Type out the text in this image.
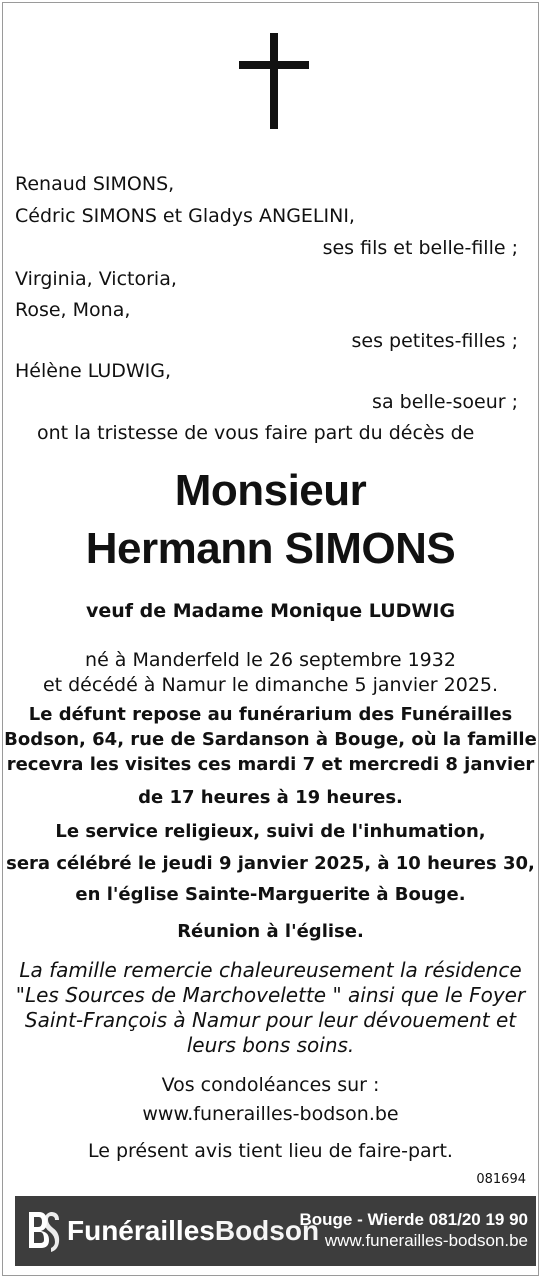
Renaud SIMONS,
Cédric SIMONS et Gladys ANGELINI,
ses fils et belle-fille ;
Virginia, Victoria,
Rose, Mona,
ses petites-filles ;
Hélène LUDWIG,
sa belle-soeur ;
ont la tristesse de vous faire part du décès de
Monsieur
Hermann SIMONS
veuf de Madame Monique LUDWIG
né à Manderfeld le 26 septembre 1932
et décédé à Namur le dimanche 5 janvier 2025.
Le défunt repose au funérarium des Funérailles
Bodson, 64, rue de Sardanson à Bouge, où la famille
recevra les visites ces mardi 7 et mercredi 8 janvier
de 17 heures à 19 heures.
Le service religieux, suivi de l'inhumation,
sera célébré le jeudi 9 janvier 2025, à 10 heures 30,
en l'église Sainte-Marguerite à Bouge.
Réunion à l'église.
La famille remercie chaleureusement la résidence
"Les Sources de Marchovelette " ainsi que le Foyer
Saint-François à Namur pour leur dévouement et
leurs bons soins.
Vos condoléances sur :
www.funerailles-bodson.be
Le présent avis tient lieu de faire-part.
081694
FunéraillesBodson
Bouge - Wierde 081/20 19 90
www.funerailles-bodson.be
